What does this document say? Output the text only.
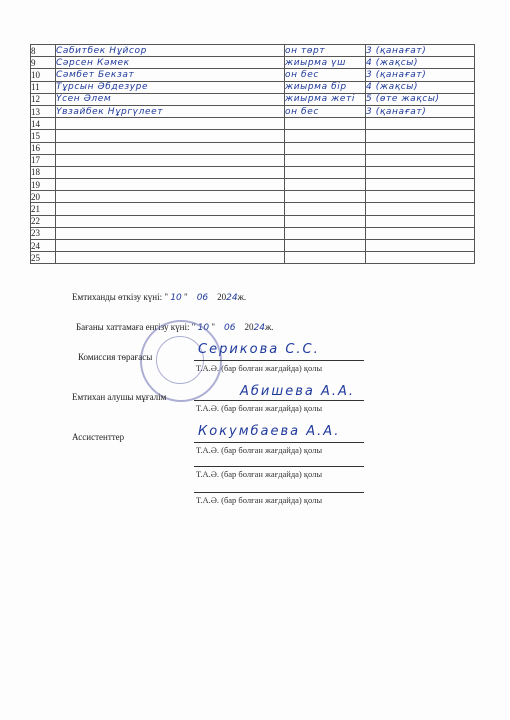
8	Сабитбек Нұйсор	он төрт	3 (қанағат)
9	Сәрсен Кәмек	жиырма үш	4 (жақсы)
10	Сәмбет Бекзат	он бес	3 (қанағат)
11	Тұрсын Әбдезуре	жиырма бір	4 (жақсы)
12	Үсен Әлем	жиырма жеті	5 (өте жақсы)
13	Үвзайбек Нұргүлеет	он бес	3 (қанағат)
14			
15			
16			
17			
18			
19			
20			
21			
22			
23			
24			
25			
Емтиханды өткізу күні: " 10 "    06 2024ж.
Бағаны хаттамаға енгізу күні: " 10 "    06 2024ж.
Комиссия төрағасы	Серикова С.С.
Т.А.Ә. (бар болған жағдайда) қолы
Емтихан алушы мұғалім	Абишева А.А.
Т.А.Ә. (бар болған жағдайда) қолы
Ассистенттер	Кокумбаева А.А.
Т.А.Ә. (бар болған жағдайда) қолы
Т.А.Ә. (бар болған жағдайда) қолы
Т.А.Ә. (бар болған жағдайда) қолы
